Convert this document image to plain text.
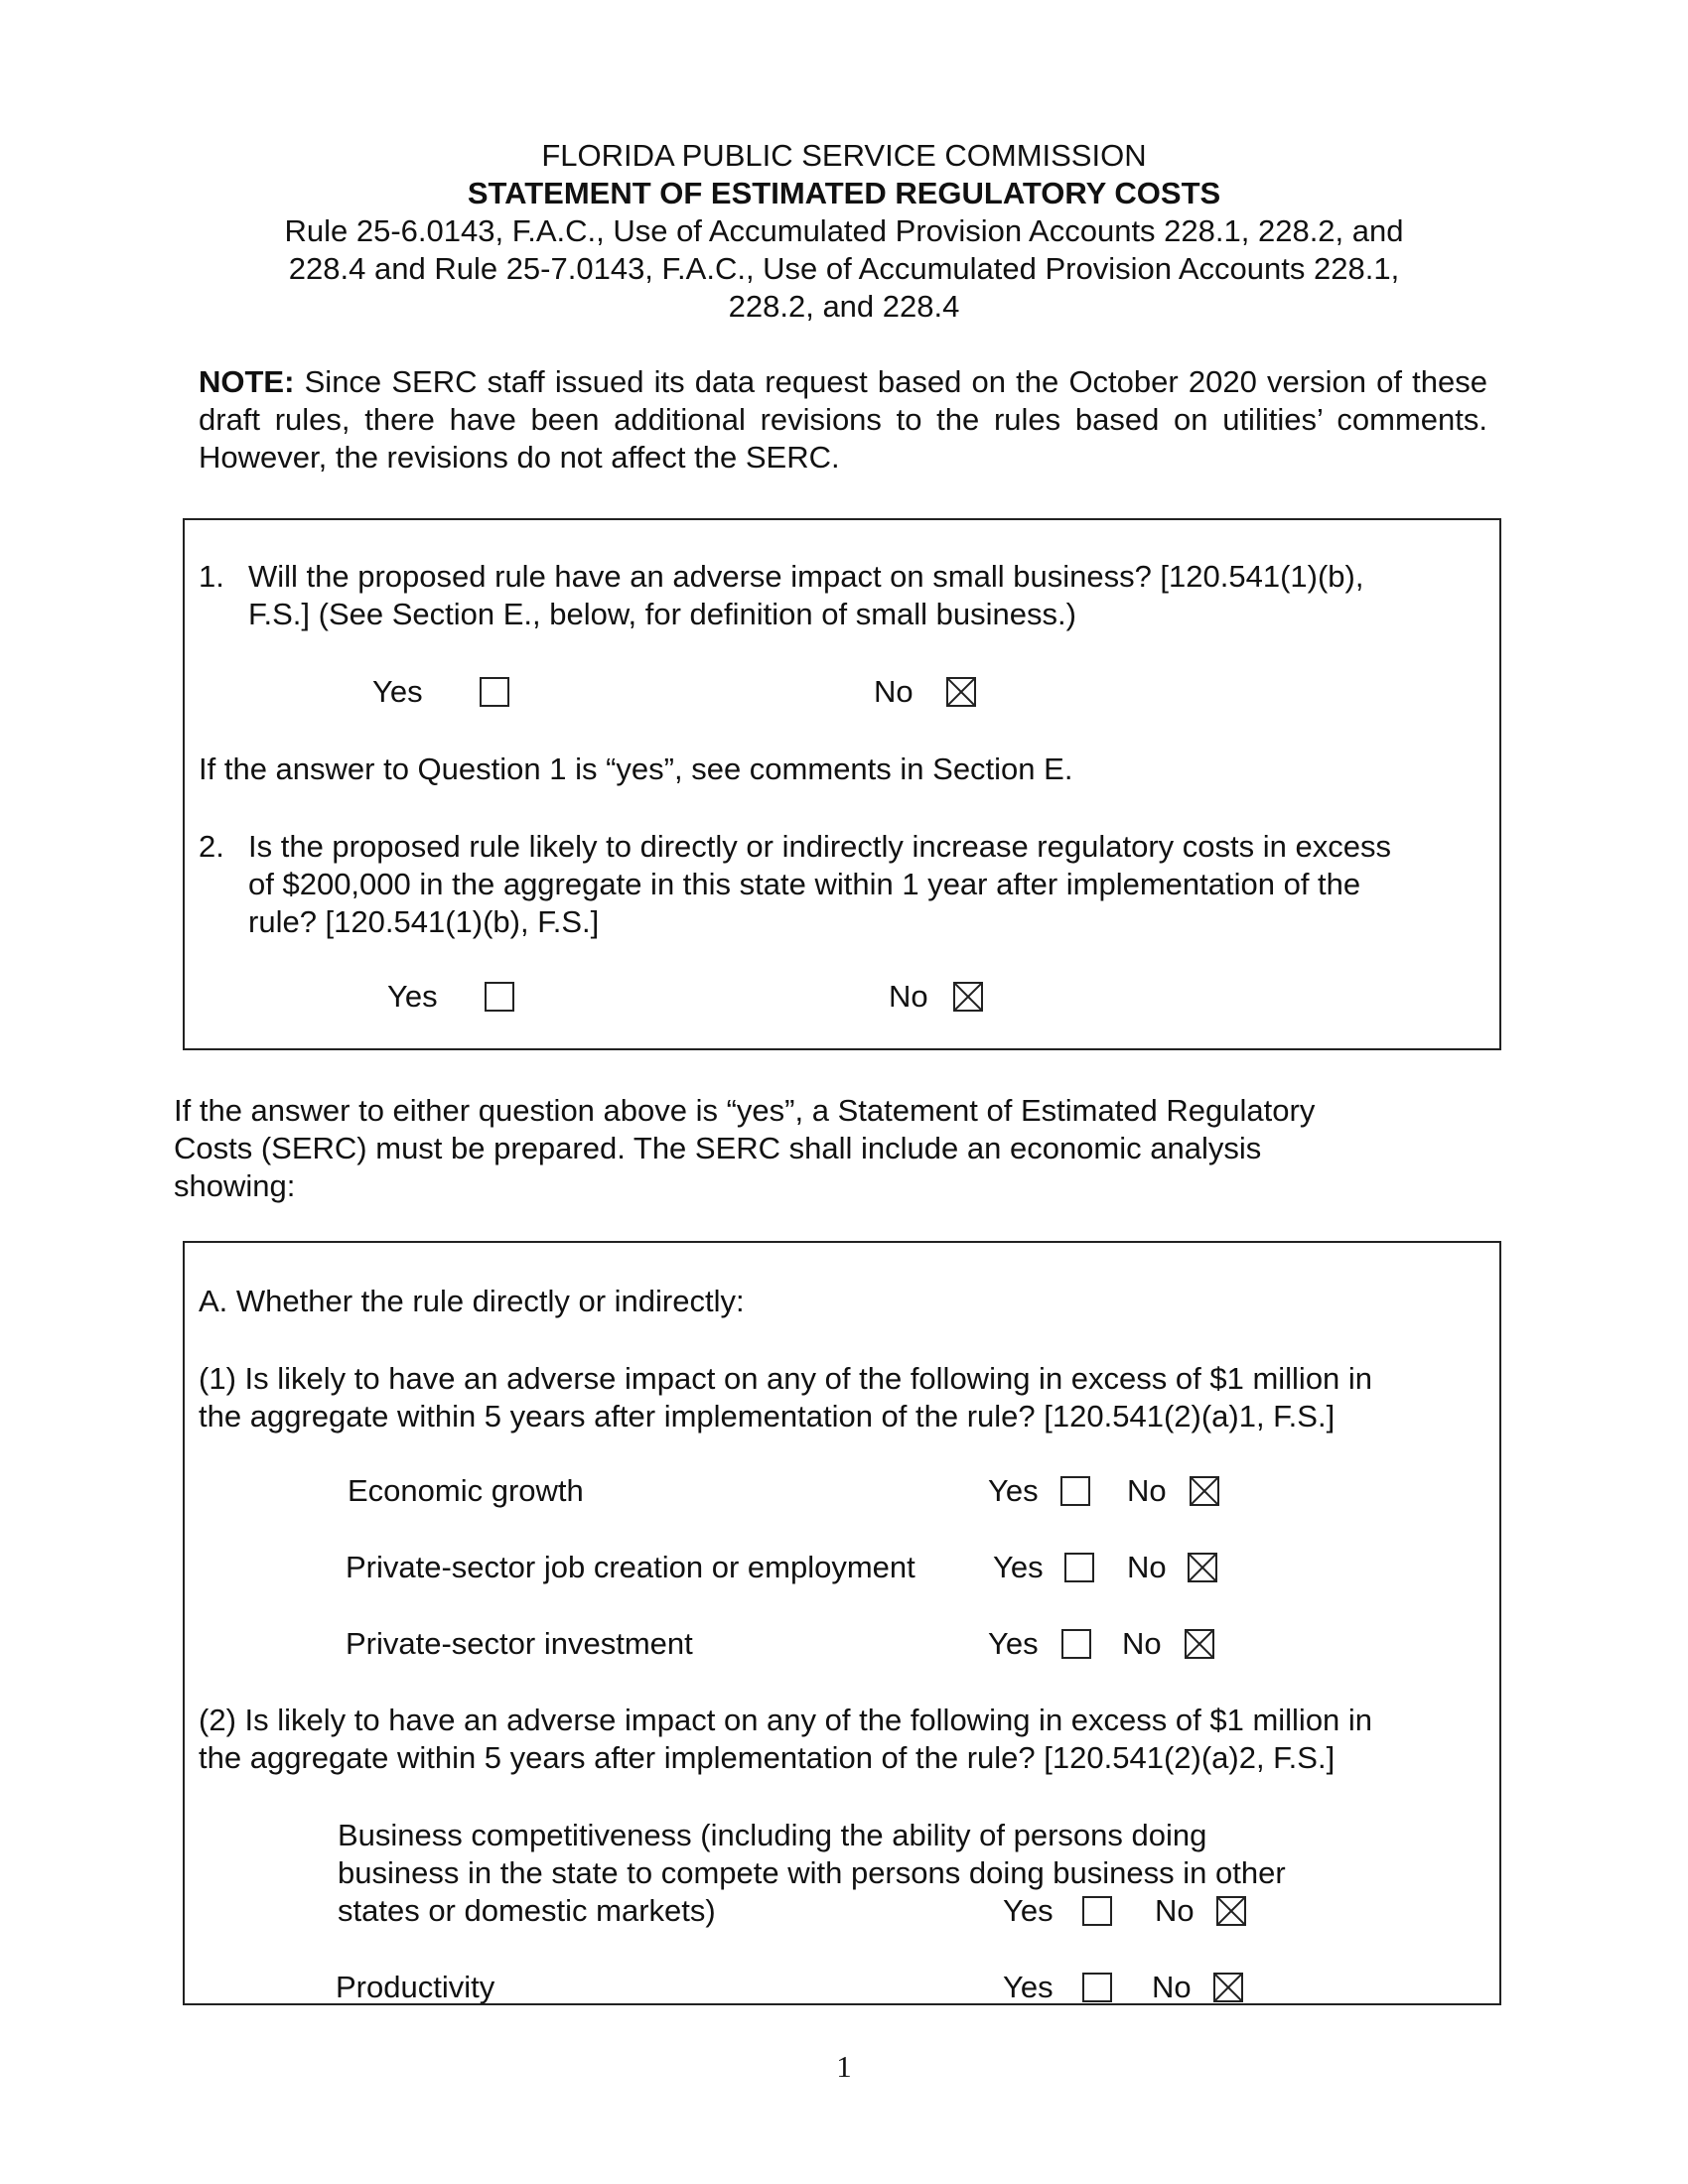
FLORIDA PUBLIC SERVICE COMMISSION
STATEMENT OF ESTIMATED REGULATORY COSTS
Rule 25-6.0143, F.A.C., Use of Accumulated Provision Accounts 228.1, 228.2, and
228.4 and Rule 25-7.0143, F.A.C., Use of Accumulated Provision Accounts 228.1,
228.2, and 228.4
NOTE: Since SERC staff issued its data request based on the October 2020 version of these draft rules, there have been additional revisions to the rules based on utilities’ comments. However, the revisions do not affect the SERC.
1. Will the proposed rule have an adverse impact on small business? [120.541(1)(b),
F.S.] (See Section E., below, for definition of small business.)
Yes	No
If the answer to Question 1 is “yes”, see comments in Section E.
2. Is the proposed rule likely to directly or indirectly increase regulatory costs in excess
of $200,000 in the aggregate in this state within 1 year after implementation of the
rule? [120.541(1)(b), F.S.]
Yes	No
If the answer to either question above is “yes”, a Statement of Estimated Regulatory
Costs (SERC) must be prepared. The SERC shall include an economic analysis
showing:
A. Whether the rule directly or indirectly:
(1) Is likely to have an adverse impact on any of the following in excess of $1 million in
the aggregate within 5 years after implementation of the rule? [120.541(2)(a)1, F.S.]
Economic growth	Yes	No
Private-sector job creation or employment	Yes	No
Private-sector investment	Yes	No
(2) Is likely to have an adverse impact on any of the following in excess of $1 million in
the aggregate within 5 years after implementation of the rule? [120.541(2)(a)2, F.S.]
Business competitiveness (including the ability of persons doing
business in the state to compete with persons doing business in other
states or domestic markets)	Yes	No
Productivity	Yes	No
1
